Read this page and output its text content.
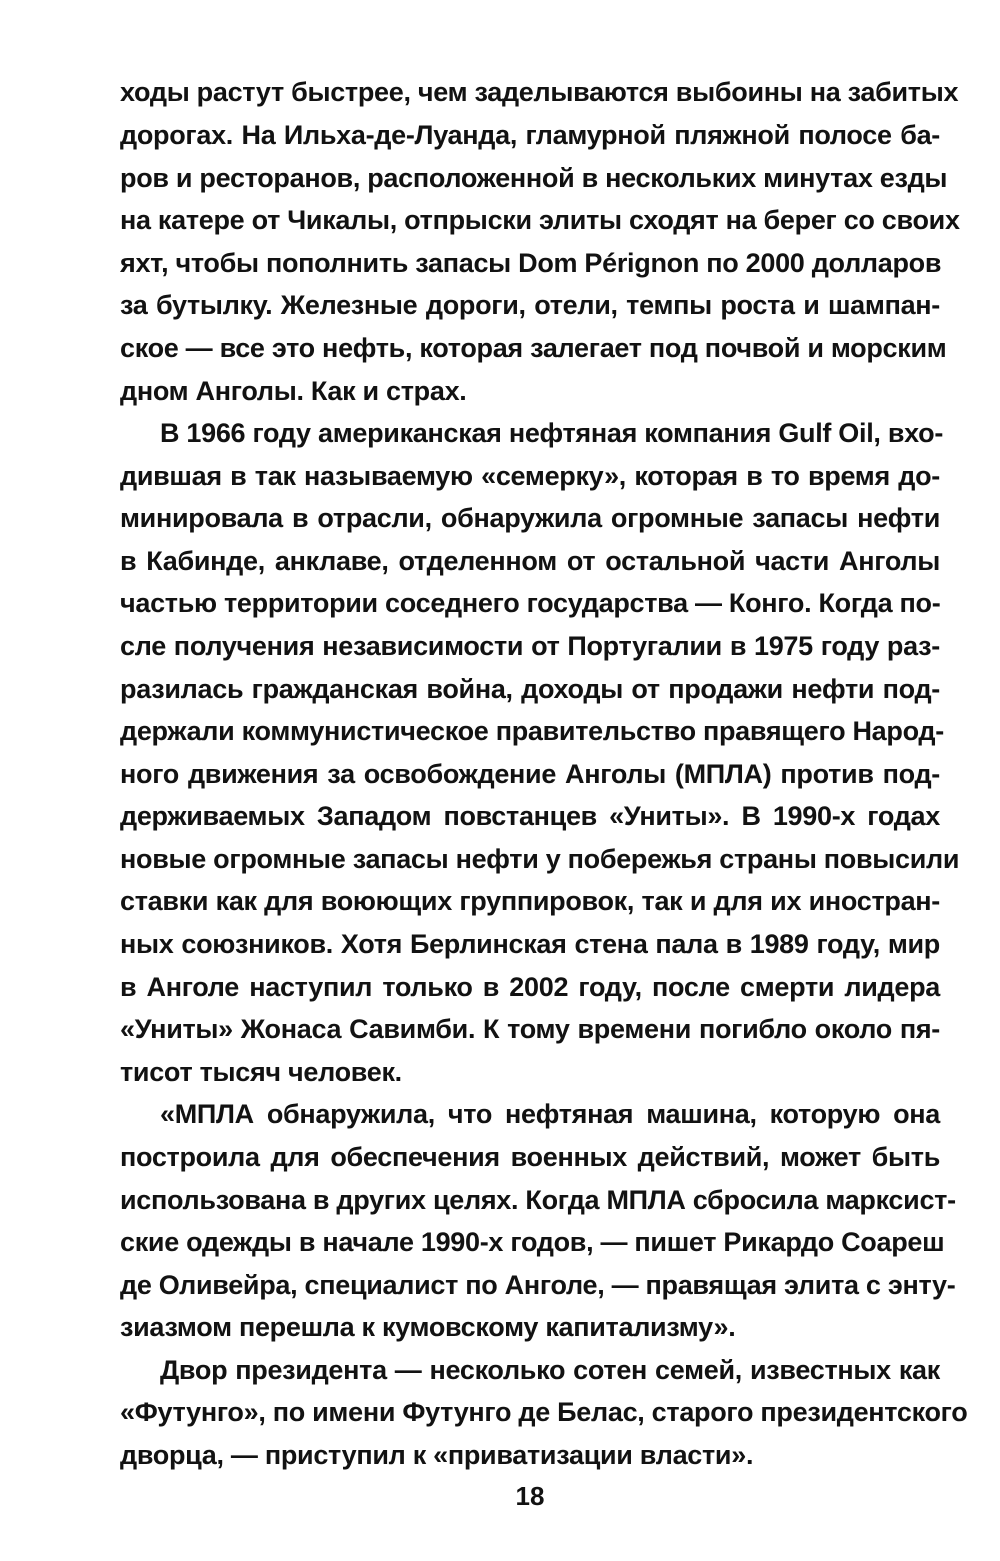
ходы растут быстрее, чем заделываются выбоины на забитых
дорогах. На Ильха-де-Луанда, гламурной пляжной полосе ба-
ров и ресторанов, расположенной в нескольких минутах езды
на катере от Чикалы, отпрыски элиты сходят на берег со своих
яхт, чтобы пополнить запасы Dom Pérignon по 2000 долларов
за бутылку. Железные дороги, отели, темпы роста и шампан-
ское — все это нефть, которая залегает под почвой и морским
дном Анголы. Как и страх.
В 1966 году американская нефтяная компания Gulf Oil, вхо-
дившая в так называемую «семерку», которая в то время до-
минировала в отрасли, обнаружила огромные запасы нефти
в Кабинде, анклаве, отделенном от остальной части Анголы
частью территории соседнего государства — Конго. Когда по-
сле получения независимости от Португалии в 1975 году раз-
разилась гражданская война, доходы от продажи нефти под-
держали коммунистическое правительство правящего Народ-
ного движения за освобождение Анголы (МПЛА) против под-
держиваемых Западом повстанцев «Униты». В 1990-х годах
новые огромные запасы нефти у побережья страны повысили
ставки как для воюющих группировок, так и для их иностран-
ных союзников. Хотя Берлинская стена пала в 1989 году, мир
в Анголе наступил только в 2002 году, после смерти лидера
«Униты» Жонаса Савимби. К тому времени погибло около пя-
тисот тысяч человек.
«МПЛА обнаружила, что нефтяная машина, которую она
построила для обеспечения военных действий, может быть
использована в других целях. Когда МПЛА сбросила марксист-
ские одежды в начале 1990-х годов, — пишет Рикардо Соареш
де Оливейра, специалист по Анголе, — правящая элита с энту-
зиазмом перешла к кумовскому капитализму».
Двор президента — несколько сотен семей, известных как
«Футунго», по имени Футунго де Белас, старого президентского
дворца, — приступил к «приватизации власти».
18
